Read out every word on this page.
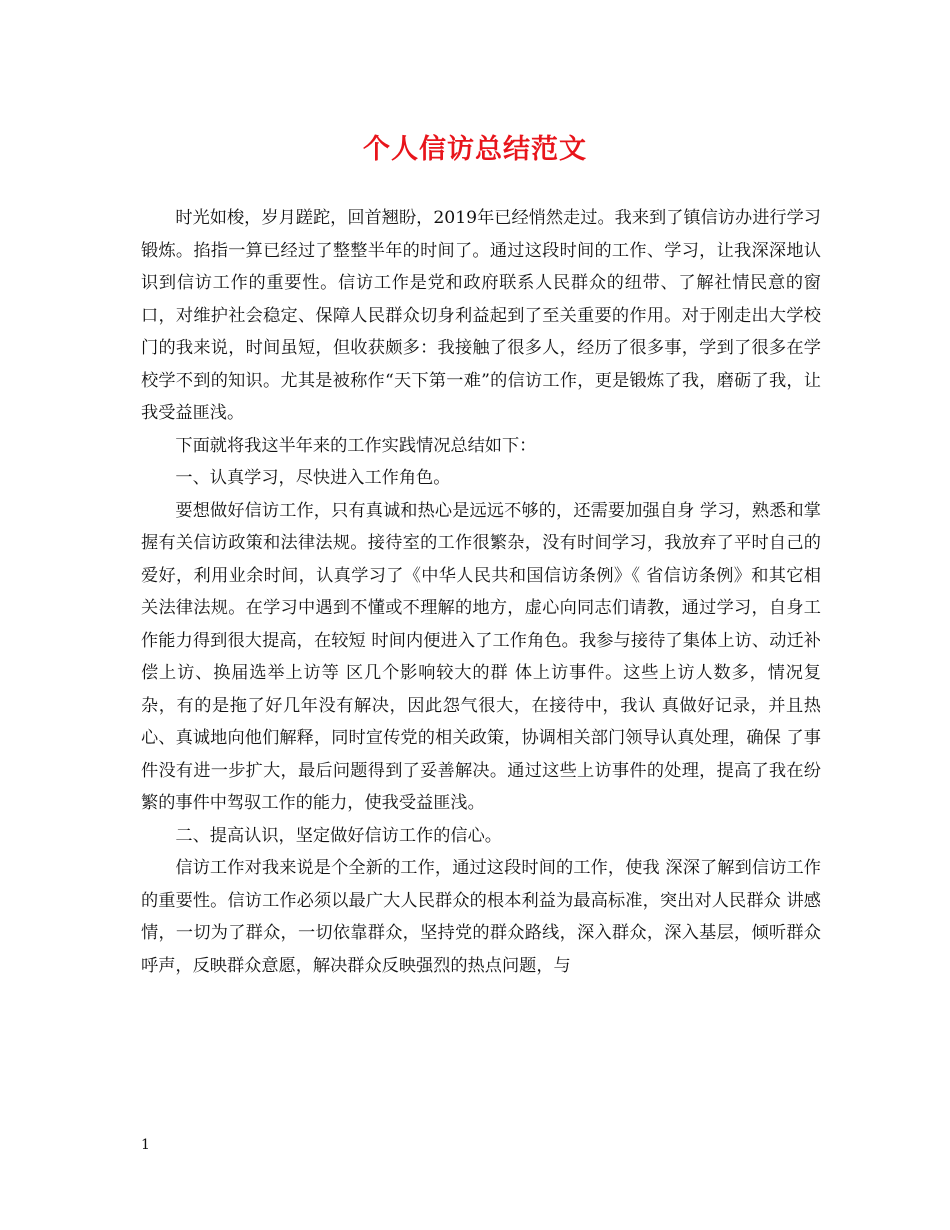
个人信访总结范文

时光如梭，岁月蹉跎，回首翘盼，2019年已经悄然走过。我来到了镇信访办进行学习锻炼。掐指一算已经过了整整半年的时间了。通过这段时间的工作、学习，让我深深地认识到信访工作的重要性。信访工作是党和政府联系人民群众的纽带、了解社情民意的窗口，对维护社会稳定、保障人民群众切身利益起到了至关重要的作用。对于刚走出大学校门的我来说，时间虽短，但收获颇多：我接触了很多人，经历了很多事，学到了很多在学校学不到的知识。尤其是被称作“天下第一难”的信访工作，更是锻炼了我，磨砺了我，让我受益匪浅。

下面就将我这半年来的工作实践情况总结如下：

一、认真学习，尽快进入工作角色。

要想做好信访工作，只有真诚和热心是远远不够的，还需要加强自身 学习，熟悉和掌握有关信访政策和法律法规。接待室的工作很繁杂，没有时间学习，我放弃了平时自己的 爱好，利用业余时间，认真学习了《中华人民共和国信访条例》《 省信访条例》和其它相关法律法规。在学习中遇到不懂或不理解的地方，虚心向同志们请教，通过学习，自身工作能力得到很大提高，在较短 时间内便进入了工作角色。我参与接待了集体上访、动迁补偿上访、换届选举上访等 区几个影响较大的群 体上访事件。这些上访人数多，情况复杂，有的是拖了好几年没有解决，因此怨气很大，在接待中，我认 真做好记录，并且热心、真诚地向他们解释，同时宣传党的相关政策，协调相关部门领导认真处理，确保 了事件没有进一步扩大，最后问题得到了妥善解决。通过这些上访事件的处理，提高了我在纷繁的事件中驾驭工作的能力，使我受益匪浅。

二、提高认识，坚定做好信访工作的信心。

信访工作对我来说是个全新的工作，通过这段时间的工作，使我 深深了解到信访工作的重要性。信访工作必须以最广大人民群众的根本利益为最高标准，突出对人民群众 讲感情，一切为了群众，一切依靠群众，坚持党的群众路线，深入群众，深入基层，倾听群众呼声，反映群众意愿，解决群众反映强烈的热点问题，与

1
